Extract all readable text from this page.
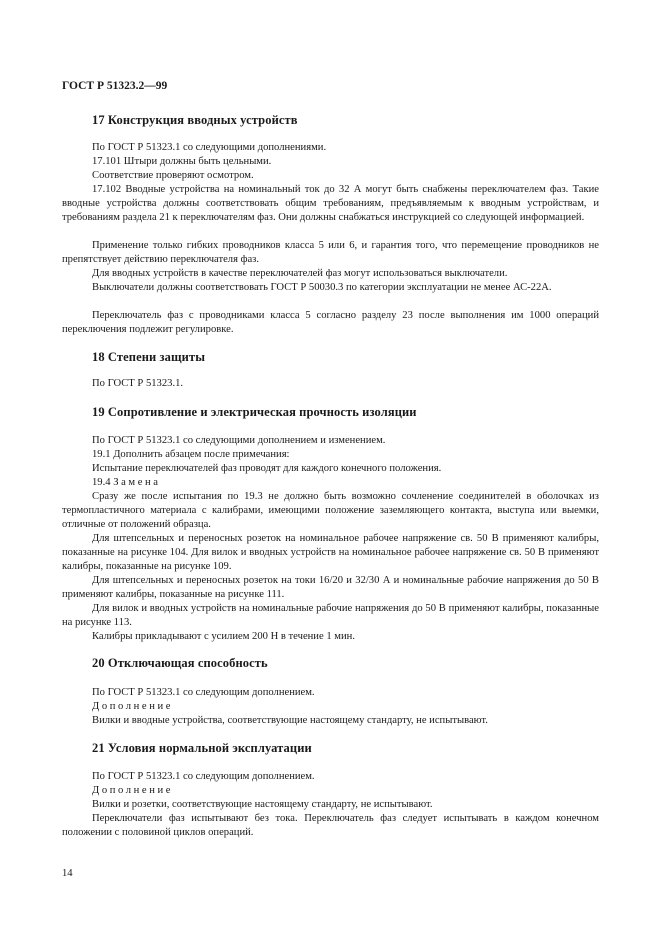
ГОСТ Р 51323.2—99
17 Конструкция вводных устройств

По ГОСТ Р 51323.1 со следующими дополнениями.

17.101 Штыри должны быть цельными.

Соответствие проверяют осмотром.

17.102 Вводные устройства на номинальный ток до 32 А могут быть снабжены переключателем фаз. Такие вводные устройства должны соответствовать общим требованиям, предъявляемым к вводным устройствам, и требованиям раздела 21 к переключателям фаз. Они должны снабжаться инструкцией со следующей информацией.

Применение только гибких проводников класса 5 или 6, и гарантия того, что перемещение проводников не препятствует действию переключателя фаз.

Для вводных устройств в качестве переключателей фаз могут использоваться выключатели.

Выключатели должны соответствовать ГОСТ Р 50030.3 по категории эксплуатации не менее АС-22А.

Переключатель фаз с проводниками класса 5 согласно разделу 23 после выполнения им 1000 операций переключения подлежит регулировке.

18 Степени защиты

По ГОСТ Р 51323.1.

19 Сопротивление и электрическая прочность изоляции

По ГОСТ Р 51323.1 со следующими дополнением и изменением.

19.1 Дополнить абзацем после примечания:

Испытание переключателей фаз проводят для каждого конечного положения.

19.4 Замена

Сразу же после испытания по 19.3 не должно быть возможно сочленение соединителей в оболочках из термопластичного материала с калибрами, имеющими положение заземляющего контакта, выступа или выемки, отличные от положений образца.

Для штепсельных и переносных розеток на номинальное рабочее напряжение св. 50 В применяют калибры, показанные на рисунке 104. Для вилок и вводных устройств на номинальное рабочее напряжение св. 50 В применяют калибры, показанные на рисунке 109.

Для штепсельных и переносных розеток на токи 16/20 и 32/30 А и номинальные рабочие напряжения до 50 В применяют калибры, показанные на рисунке 111.

Для вилок и вводных устройств на номинальные рабочие напряжения до 50 В применяют калибры, показанные на рисунке 113.

Калибры прикладывают с усилием 200 Н в течение 1 мин.

20 Отключающая способность

По ГОСТ Р 51323.1 со следующим дополнением.

Дополнение

Вилки и вводные устройства, соответствующие настоящему стандарту, не испытывают.

21 Условия нормальной эксплуатации

По ГОСТ Р 51323.1 со следующим дополнением.

Дополнение

Вилки и розетки, соответствующие настоящему стандарту, не испытывают.

Переключатели фаз испытывают без тока. Переключатель фаз следует испытывать в каждом конечном положении с половиной циклов операций.

14
